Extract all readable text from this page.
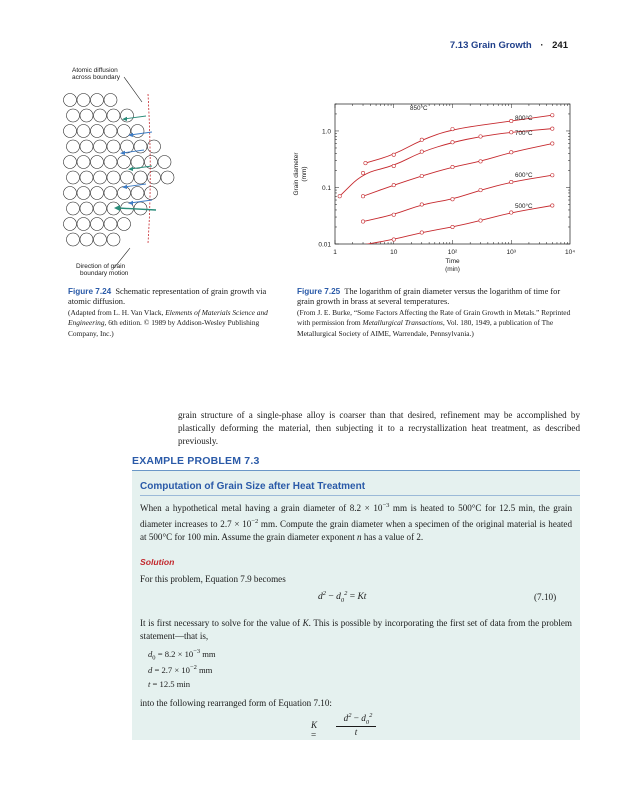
7.13 Grain Growth · 241
Atomic diffusion
across boundary
Direction of grain
boundary motion
1	10	10²	10³	10⁴
0.01
0.1
1.0
Time
(min)
Grain diameter (mm)
850°C
800°C
700°C
600°C
500°C
Figure 7.24 Schematic representation of grain growth via atomic diffusion.
(Adapted from L. H. Van Vlack, Elements of Materials Science and Engineering, 6th edition. © 1989 by Addison-Wesley Publishing Company, Inc.)
Figure 7.25 The logarithm of grain diameter versus the logarithm of time for grain growth in brass at several temperatures.
(From J. E. Burke, “Some Factors Affecting the Rate of Grain Growth in Metals.” Reprinted with permission from Metallurgical Transactions, Vol. 180, 1949, a publication of The Metallurgical Society of AIME, Warrendale, Pennsylvania.)

grain structure of a single-phase alloy is coarser than that desired, refinement may be accomplished by plastically deforming the material, then subjecting it to a recrystallization heat treatment, as described previously.

EXAMPLE PROBLEM 7.3
Computation of Grain Size after Heat Treatment

When a hypothetical metal having a grain diameter of $8.2 \times 10^{-3}$ mm is heated to 500°C for 12.5 min, the grain diameter increases to $2.7 \times 10^{-2}$ mm. Compute the grain diameter when a specimen of the original material is heated at 500°C for 100 min. Assume the grain diameter exponent n has a value of 2.

Solution

For this problem, Equation 7.9 becomes

$d^2 - d_0^2 = Kt$	(7.10)

It is first necessary to solve for the value of K. This is possible by incorporating the first set of data from the problem statement—that is,

$d_0 = 8.2 \times 10^{-3}$ mm
$d = 2.7 \times 10^{-2}$ mm
t = 12.5 min

into the following rearranged form of Equation 7.10:

K =
$d^2 - d_0^2$
t
